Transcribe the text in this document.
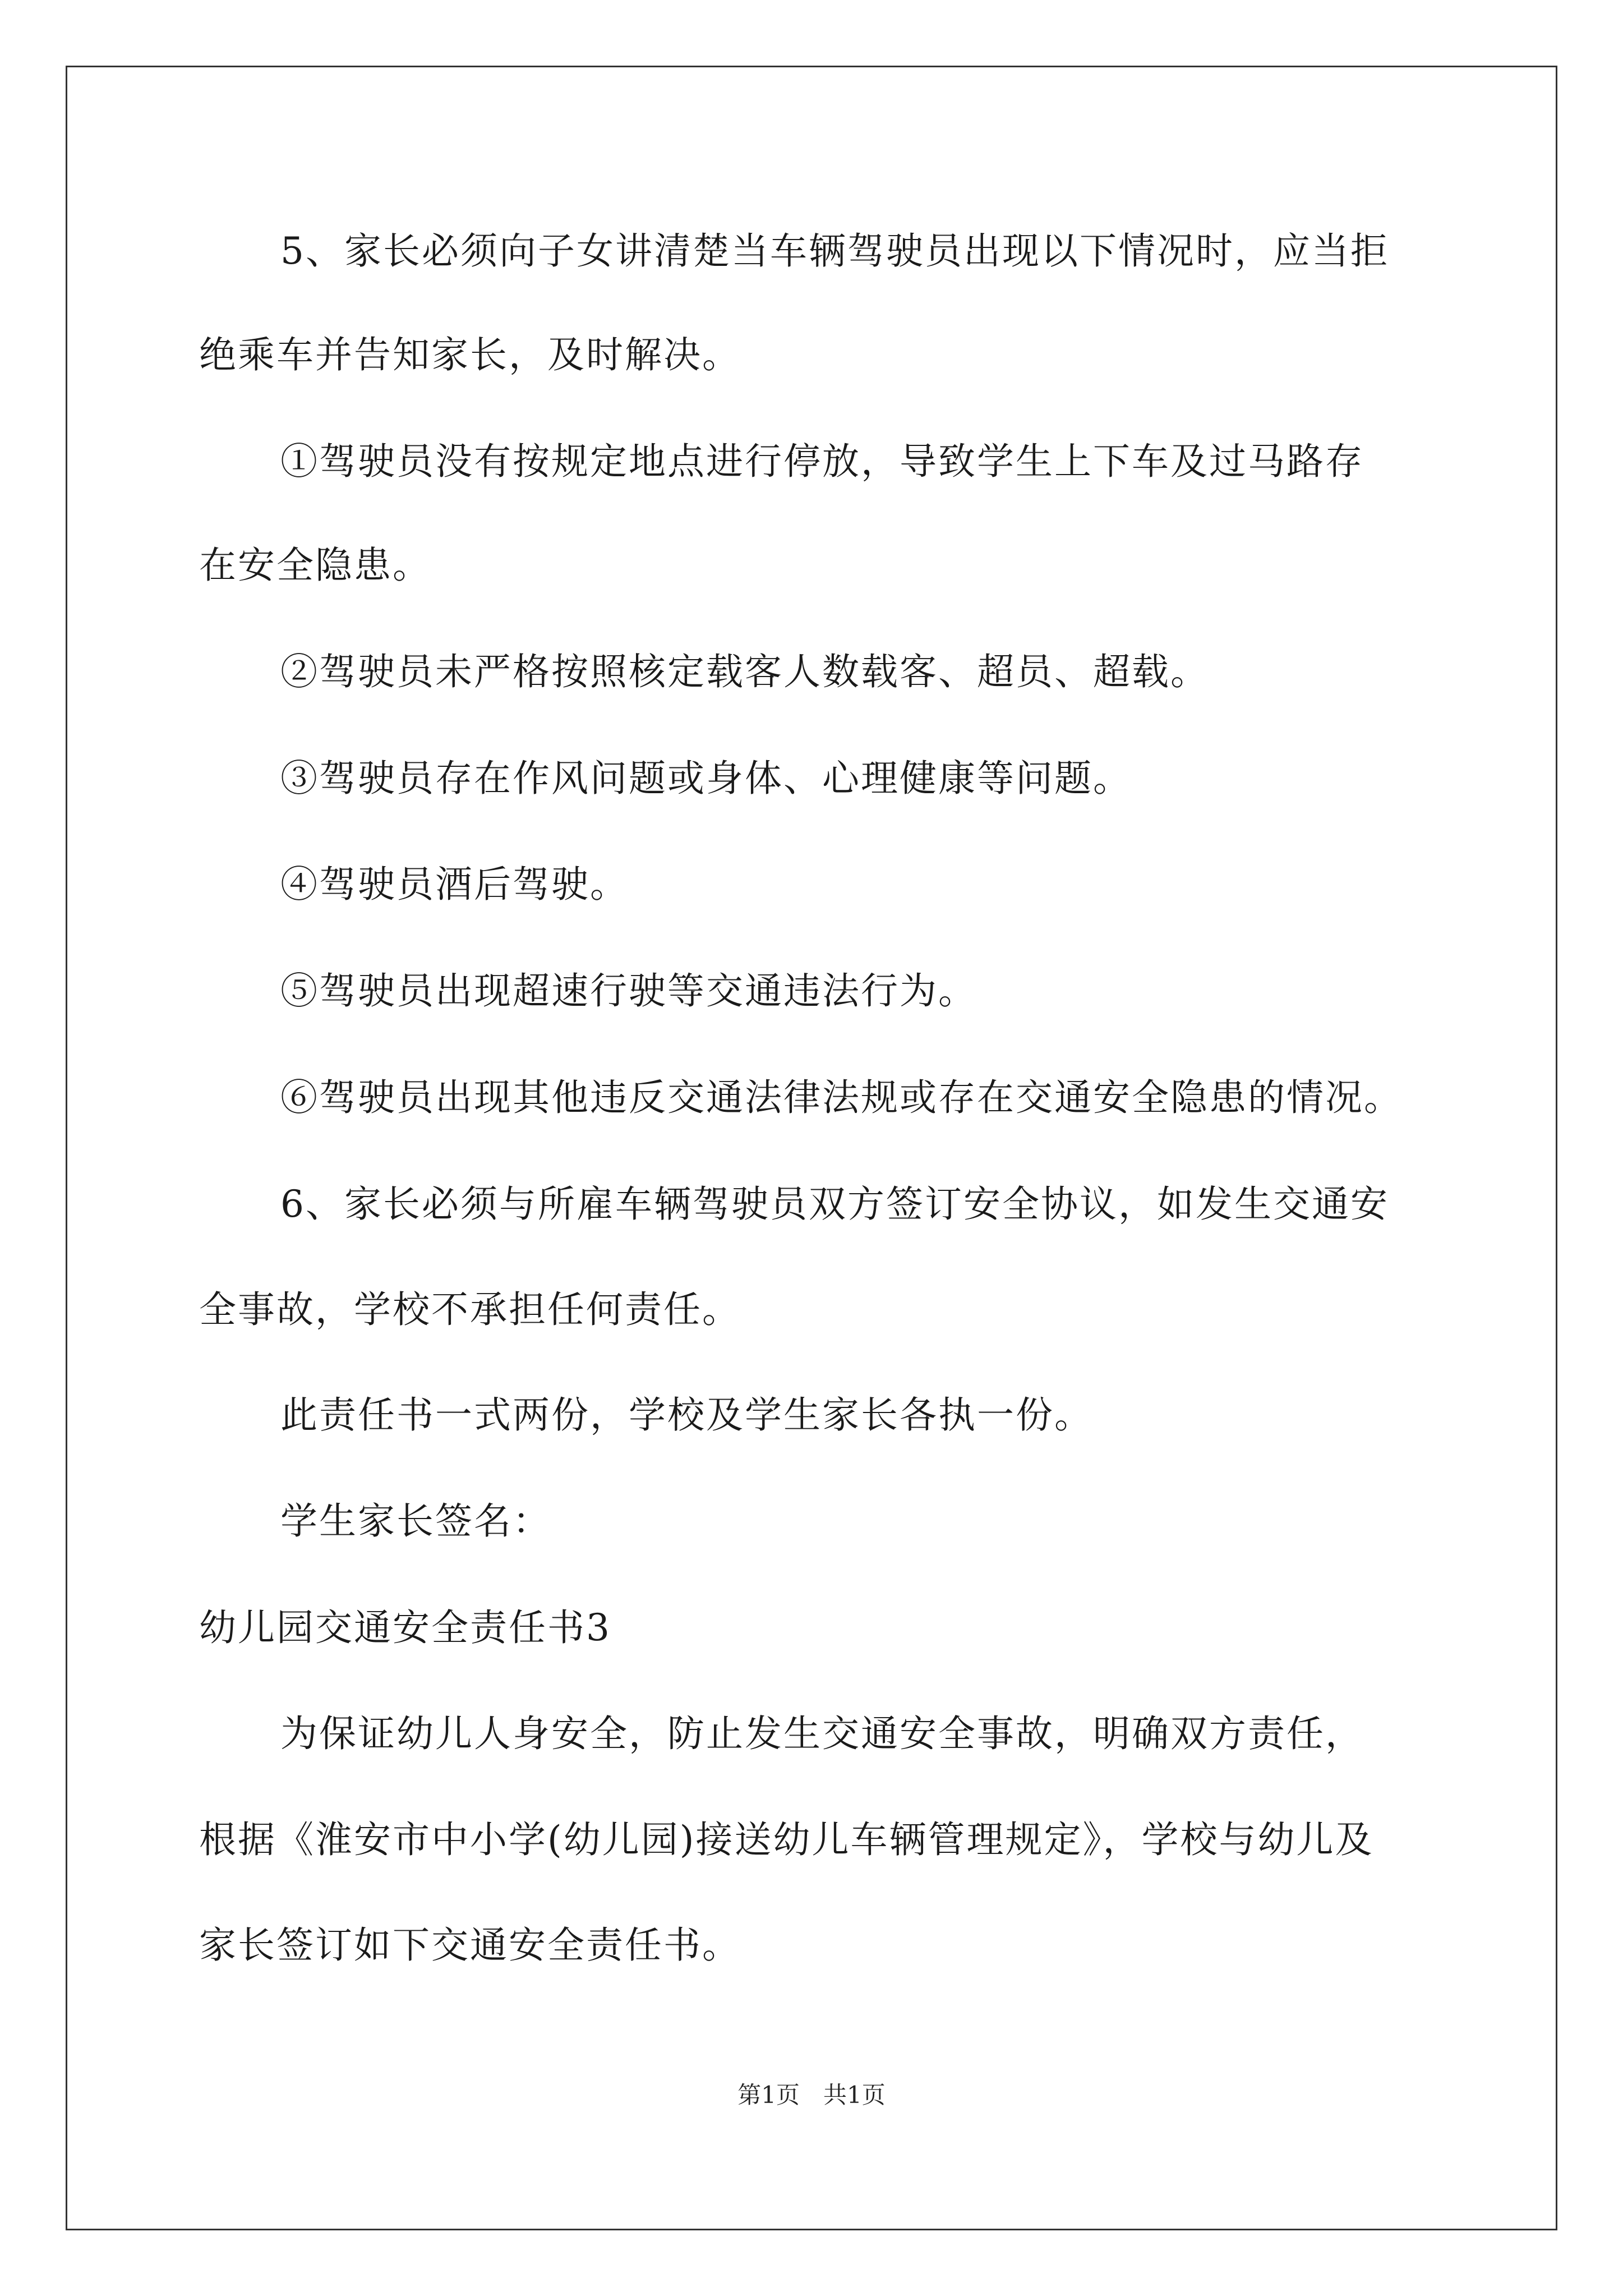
5、家长必须向子女讲清楚当车辆驾驶员出现以下情况时，应当拒
绝乘车并告知家长，及时解决。
①驾驶员没有按规定地点进行停放，导致学生上下车及过马路存
在安全隐患。
②驾驶员未严格按照核定载客人数载客、超员、超载。
③驾驶员存在作风问题或身体、心理健康等问题。
④驾驶员酒后驾驶。
⑤驾驶员出现超速行驶等交通违法行为。
⑥驾驶员出现其他违反交通法律法规或存在交通安全隐患的情况。
6、家长必须与所雇车辆驾驶员双方签订安全协议，如发生交通安
全事故，学校不承担任何责任。
此责任书一式两份，学校及学生家长各执一份。
学生家长签名：
幼儿园交通安全责任书3
为保证幼儿人身安全，防止发生交通安全事故，明确双方责任，
根据《淮安市中小学(幼儿园)接送幼儿车辆管理规定》，学校与幼儿及
家长签订如下交通安全责任书。
第1页　共1页
